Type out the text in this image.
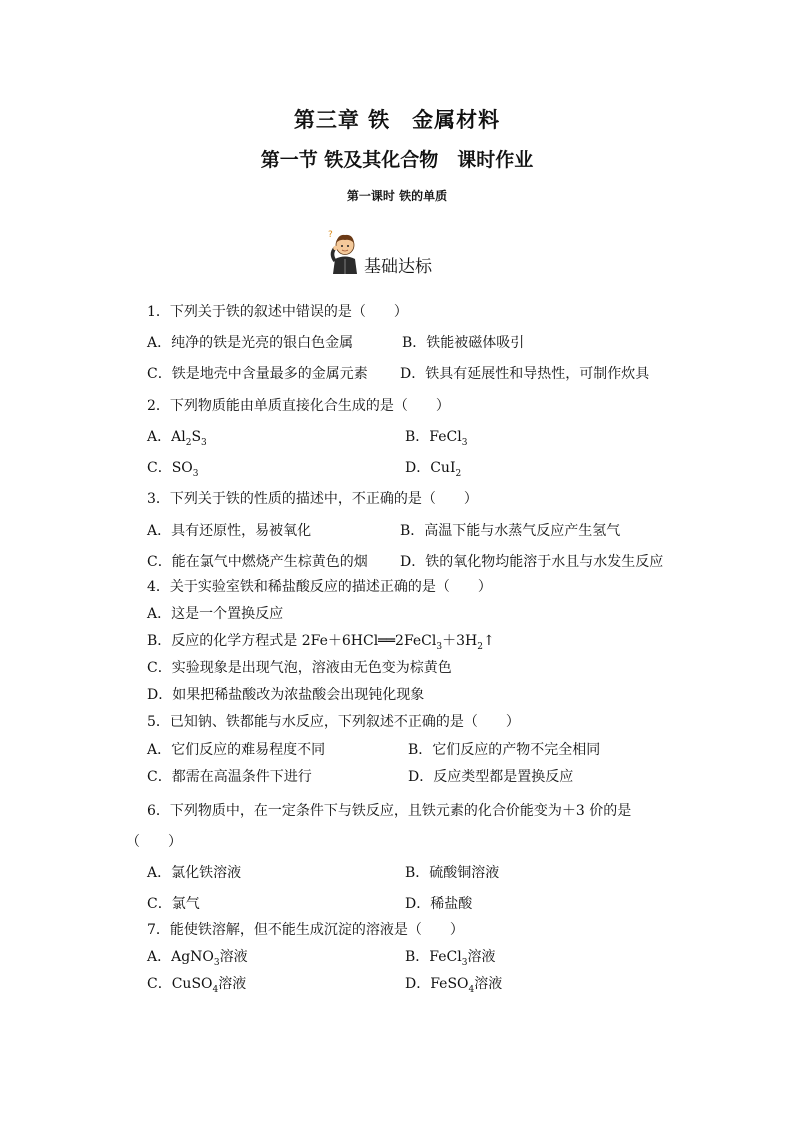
第三章 铁　金属材料
第一节 铁及其化合物　课时作业
第一课时 铁的单质
?
基础达标
1．下列关于铁的叙述中错误的是（　　）
A．纯净的铁是光亮的银白色金属	B．铁能被磁体吸引
C．铁是地壳中含量最多的金属元素 D．铁具有延展性和导热性，可制作炊具
2．下列物质能由单质直接化合生成的是（　　）
A．$Al_2S_3$	B．FeCl$_3$
C．$SO_3$	D．CuI$_2$
3．下列关于铁的性质的描述中，不正确的是（　　）
A．具有还原性，易被氧化	B．高温下能与水蒸气反应产生氢气
C．能在氯气中燃烧产生棕黄色的烟 D．铁的氧化物均能溶于水且与水发生反应
4．关于实验室铁和稀盐酸反应的描述正确的是（　　）
A．这是一个置换反应
B．反应的化学方程式是 $2Fe+6HCl══2FeCl_3+3H_2↑$
C．实验现象是出现气泡，溶液由无色变为棕黄色
D．如果把稀盐酸改为浓盐酸会出现钝化现象
5．已知钠、铁都能与水反应，下列叙述不正确的是（　　）
A．它们反应的难易程度不同	B．它们反应的产物不完全相同
C．都需在高温条件下进行	D．反应类型都是置换反应
6．下列物质中，在一定条件下与铁反应，且铁元素的化合价能变为＋3 价的是
（　　）
A．氯化铁溶液	B．硫酸铜溶液
C．氯气	D．稀盐酸
7．能使铁溶解，但不能生成沉淀的溶液是（　　）
A．AgNO$_3$溶液	B．FeCl$_3$溶液
C．CuSO$_4$溶液	D．FeSO$_4$溶液
